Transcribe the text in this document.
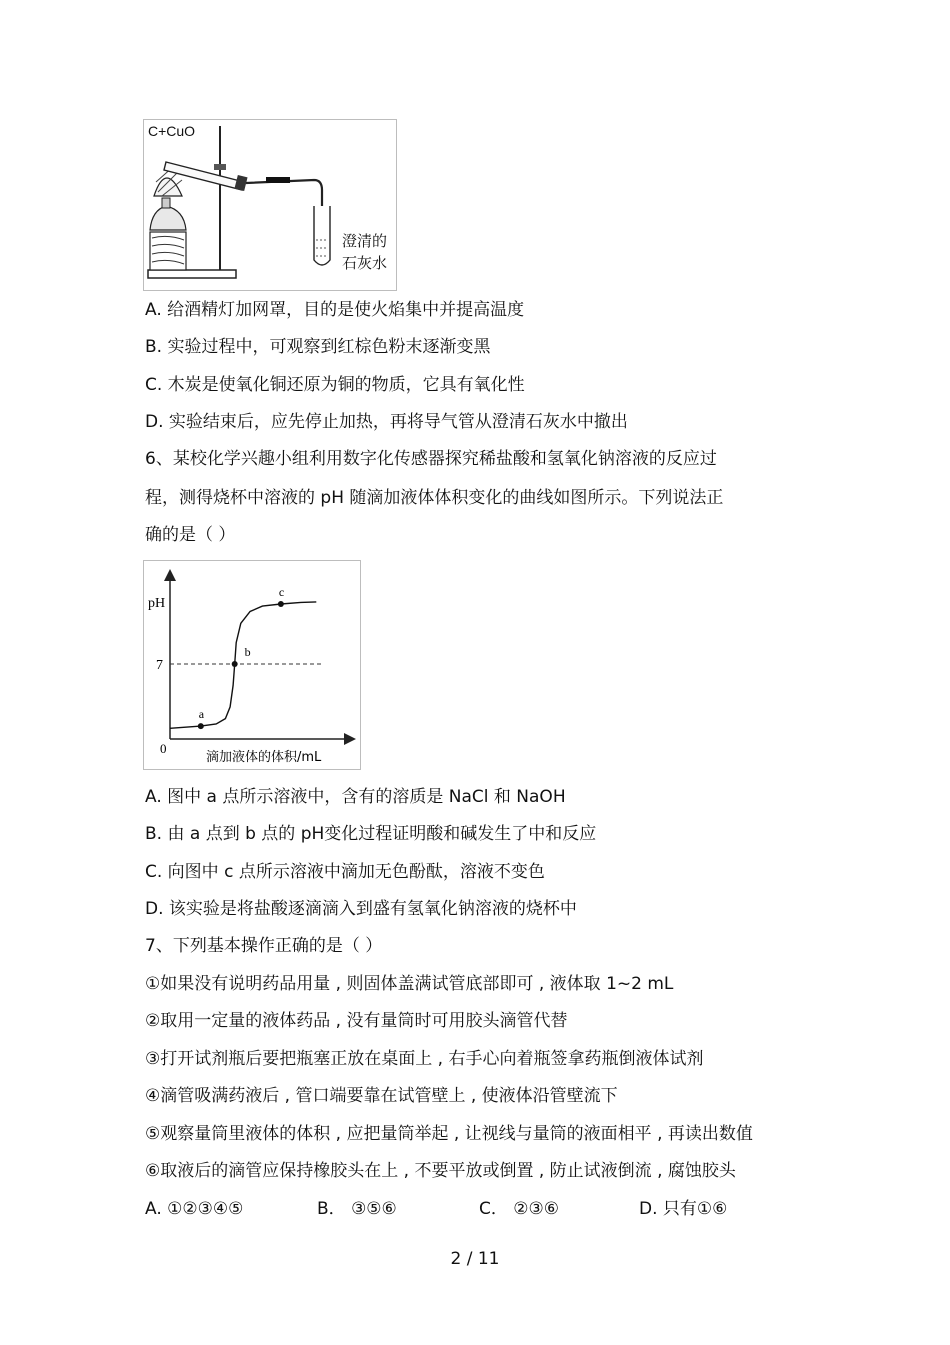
C+CuO
澄清的
石灰水
A. 给酒精灯加网罩，目的是使火焰集中并提高温度
B. 实验过程中，可观察到红棕色粉末逐渐变黑
C. 木炭是使氧化铜还原为铜的物质，它具有氧化性
D. 实验结束后，应先停止加热，再将导气管从澄清石灰水中撤出
6、某校化学兴趣小组利用数字化传感器探究稀盐酸和氢氧化钠溶液的反应过
程，测得烧杯中溶液的 pH 随滴加液体体积变化的曲线如图所示。下列说法正
确的是（ ）
a
b
c
pH
7
0
滴加液体的体积/mL
A. 图中 a 点所示溶液中，含有的溶质是 NaCl 和 NaOH
B. 由 a 点到 b 点的 pH变化过程证明酸和碱发生了中和反应
C. 向图中 c 点所示溶液中滴加无色酚酞，溶液不变色
D. 该实验是将盐酸逐滴滴入到盛有氢氧化钠溶液的烧杯中
7、下列基本操作正确的是（ ）
①如果没有说明药品用量 , 则固体盖满试管底部即可 , 液体取 1~2 mL
②取用一定量的液体药品 , 没有量筒时可用胶头滴管代替
③打开试剂瓶后要把瓶塞正放在桌面上 , 右手心向着瓶签拿药瓶倒液体试剂
④滴管吸满药液后 , 管口端要靠在试管壁上 , 使液体沿管壁流下
⑤观察量筒里液体的体积 , 应把量筒举起 , 让视线与量筒的液面相平 , 再读出数值
⑥取液后的滴管应保持橡胶头在上 , 不要平放或倒置 , 防止试液倒流 , 腐蚀胶头
A. ①②③④⑤	B． ③⑤⑥	C． ②③⑥	D. 只有①⑥
2 / 11
